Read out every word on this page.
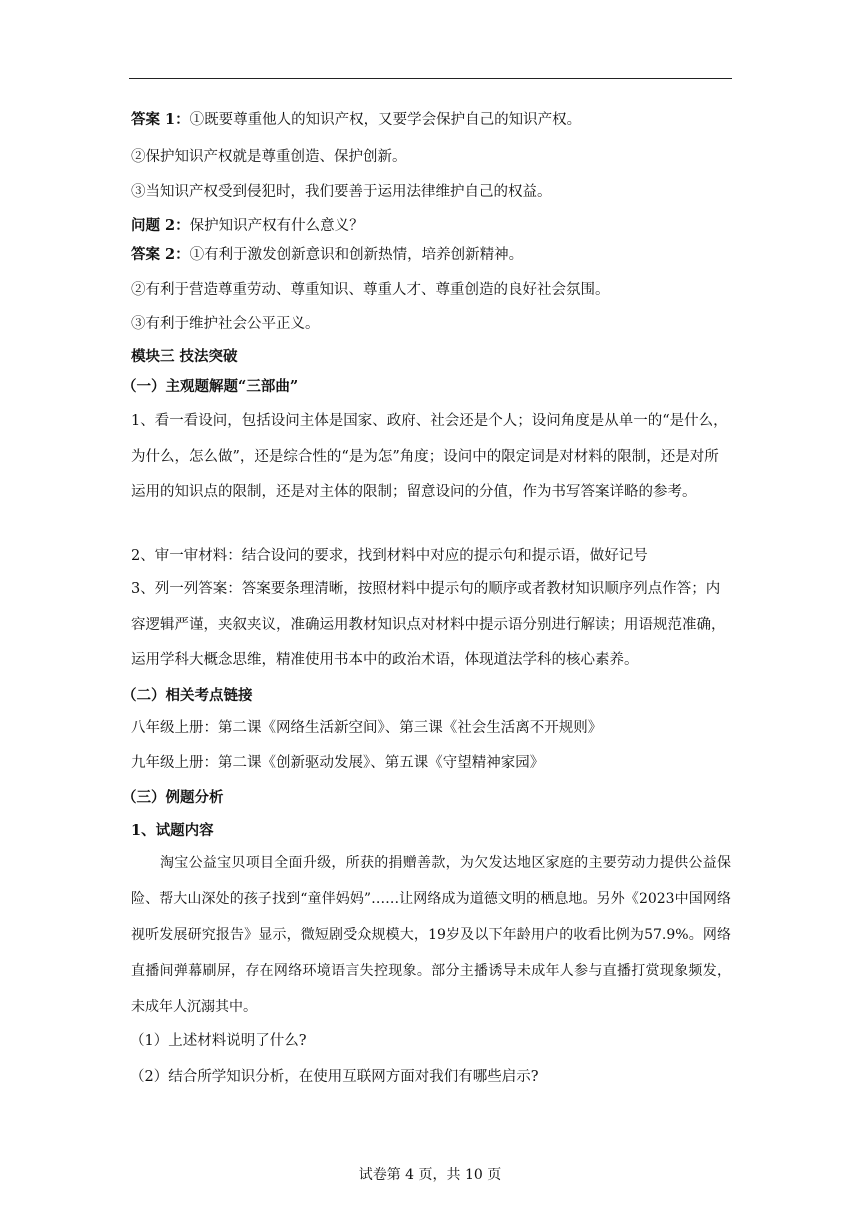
答案 1：①既要尊重他人的知识产权，又要学会保护自己的知识产权。
②保护知识产权就是尊重创造、保护创新。
③当知识产权受到侵犯时，我们要善于运用法律维护自己的权益。
问题 2：保护知识产权有什么意义？
答案 2：①有利于激发创新意识和创新热情，培养创新精神。
②有利于营造尊重劳动、尊重知识、尊重人才、尊重创造的良好社会氛围。
③有利于维护社会公平正义。
模块三 技法突破
（一）主观题解题“三部曲”
1、看一看设问，包括设问主体是国家、政府、社会还是个人；设问角度是从单一的“是什么，为什么，怎么做”，还是综合性的“是为怎”角度；设问中的限定词是对材料的限制，还是对所运用的知识点的限制，还是对主体的限制；留意设问的分值，作为书写答案详略的参考。
2、审一审材料：结合设问的要求，找到材料中对应的提示句和提示语，做好记号
3、列一列答案：答案要条理清晰，按照材料中提示句的顺序或者教材知识顺序列点作答；内容逻辑严谨，夹叙夹议，准确运用教材知识点对材料中提示语分别进行解读；用语规范准确，运用学科大概念思维，精准使用书本中的政治术语，体现道法学科的核心素养。
（二）相关考点链接
八年级上册：第二课《网络生活新空间》、第三课《社会生活离不开规则》
九年级上册：第二课《创新驱动发展》、第五课《守望精神家园》
（三）例题分析
1、试题内容
淘宝公益宝贝项目全面升级，所获的捐赠善款，为欠发达地区家庭的主要劳动力提供公益保险、帮大山深处的孩子找到“童伴妈妈”……让网络成为道德文明的栖息地。另外《2023中国网络视听发展研究报告》显示，微短剧受众规模大，19岁及以下年龄用户的收看比例为57.9%。网络直播间弹幕刷屏，存在网络环境语言失控现象。部分主播诱导未成年人参与直播打赏现象频发，未成年人沉溺其中。
（1）上述材料说明了什么?
（2）结合所学知识分析，在使用互联网方面对我们有哪些启示?
试卷第 4 页，共 10 页
